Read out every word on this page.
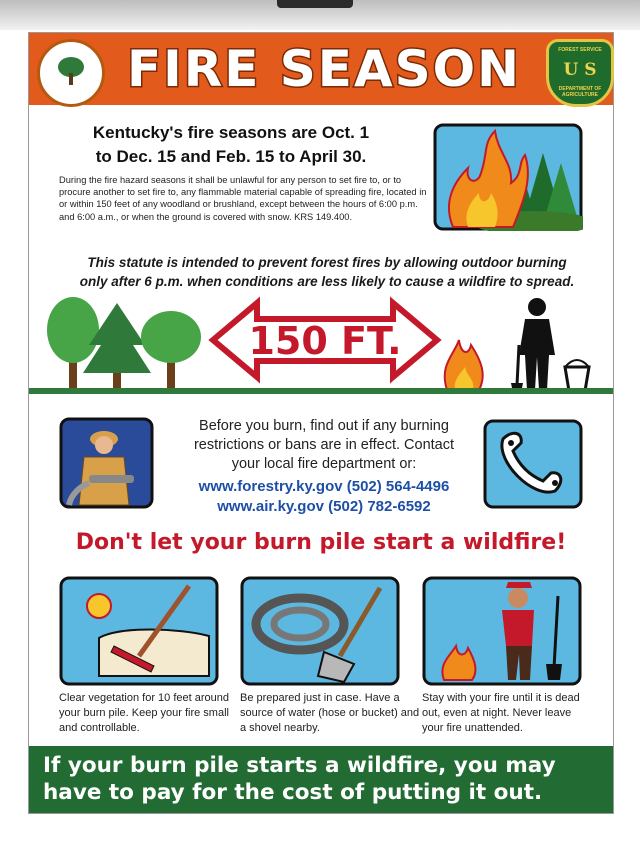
FIRE SEASON	FOREST SERVICE
U S
DEPARTMENT OF AGRICULTURE
Kentucky's fire seasons are Oct. 1
to Dec. 15 and Feb. 15 to April 30.
During the fire hazard seasons it shall be unlawful for any person to set fire to, or to procure another to set fire to, any flammable material capable of spreading fire, located in or within 150 feet of any woodland or brushland, except between the hours of 6:00 p.m. and 6:00 a.m., or when the ground is covered with snow. KRS 149.400.
This statute is intended to prevent forest fires by allowing outdoor burning
only after 6 p.m. when conditions are less likely to cause a wildfire to spread.
150 FT.
Before you burn, find out if any burning
restrictions or bans are in effect. Contact
your local fire department or:
www.forestry.ky.gov (502) 564-4496
www.air.ky.gov (502) 782-6592
Don't let your burn pile start a wildfire!
Clear vegetation for 10 feet around your burn pile. Keep your fire small and controllable.
Be prepared just in case. Have a source of water (hose or bucket) and a shovel nearby.
Stay with your fire until it is dead out, even at night. Never leave your fire unattended.
If your burn pile starts a wildfire, you may
have to pay for the cost of putting it out.
